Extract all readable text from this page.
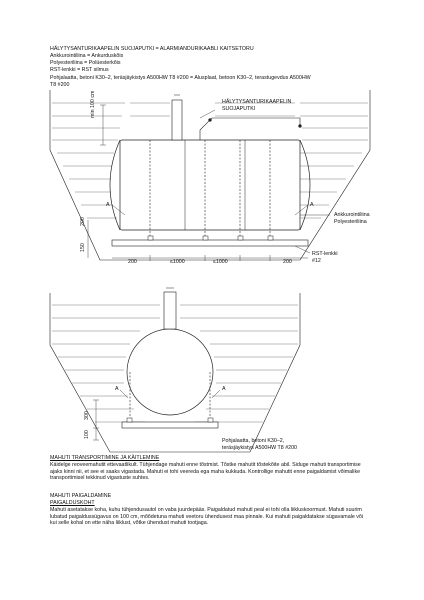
HÄLYTYSANTURIKAAPELIN SUOJAPUTKI = ALARMIANDURIKAABLI KAITSETORU
Ankkurointiliina = Ankurduskõis
Polyesteriliina = Polüesterkõis
RST-lenkki = RST silmus
Pohjalaatta, betoni K30–2, teräsjäykistys A500HW T8 #200 = Alusplaat, betoon K30–2, terastugevdus A500HW
T8 #200
HÄLYTYSANTURIKAAPELIN
SUOJAPUTKI
min 100 cm
Ankkurointiliina
Polyesteriliina
RST-lenkki
#12
200	≤1000	≤1000	200
200
150
A	A
Pohjalaatta, betoni K30–2,
teräsjäykistys A500HW T8 #200
300
100
A	A
MAHUTI TRANSPORTIMINE JA KÄITLEMINE
Käidelge reoveemahutit ettevaatlikult. Tühjendage mahuti enne tõstmist. Tõstke mahutit tõstekõite abil. Siduge mahuti transportimise ajaks kinni nii, et see ei saaks vigastada. Mahuti ei tohi veereda ega maha kukkuda. Kontrollige mahutit enne paigaldamist võimalike transportimisel tekkinud vigastuste suhtes.
MAHUTI PAIGALDAMINE
PAIGALDUSKOHT
Mahuti asetatakse koha, kuhu tühjendusautol on vaba juurdepääs. Paigaldatud mahuti peal ei tohi olla liikluskoormust. Mahuti suurim lubatud paigaldussügavus on 100 cm, mõõdetuna mahuti veetoru ühendusest maa pinnale. Kui mahuti paigaldatakse sügavamale või kui selle kohal on ette näha liiklust, võtke ühendust mahuti tootjaga.
